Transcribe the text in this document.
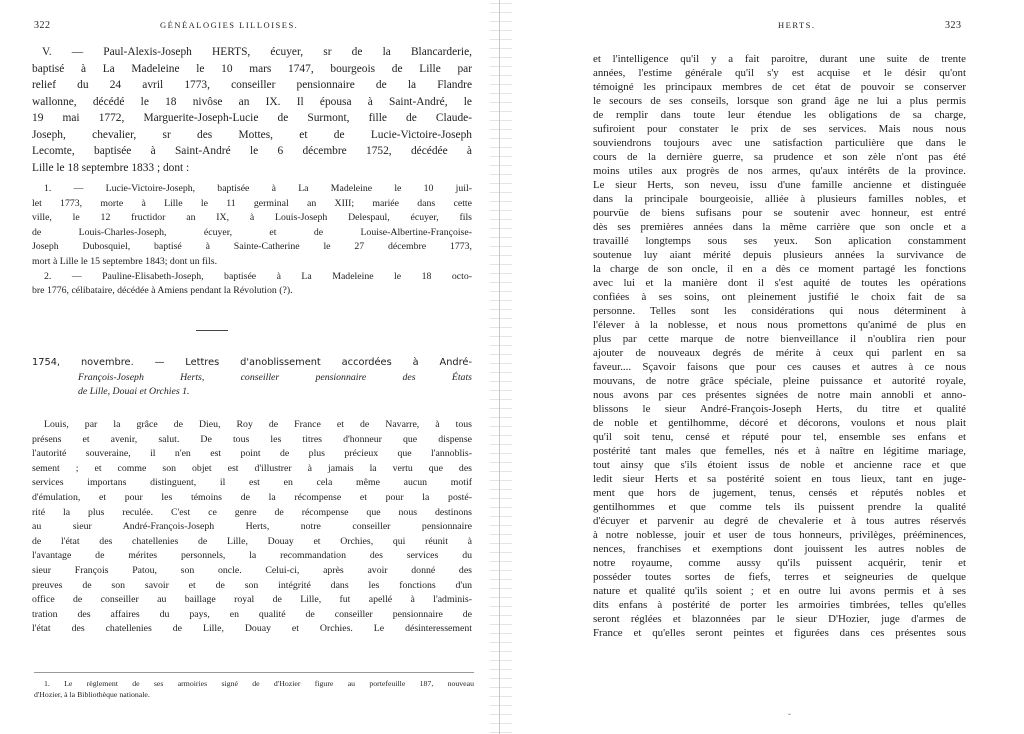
322	GÉNÉALOGIES LILLOISES.
V. — Paul-Alexis-Joseph HERTS, écuyer, sr de la Blancarderie,
baptisé à La Madeleine le 10 mars 1747, bourgeois de Lille par
relief du 24 avril 1773, conseiller pensionnaire de la Flandre
wallonne, décédé le 18 nivôse an IX. Il épousa à Saint-André, le
19 mai 1772, Marguerite-Joseph-Lucie de Surmont, fille de Claude-
Joseph, chevalier, sr des Mottes, et de Lucie-Victoire-Joseph
Lecomte, baptisée à Saint-André le 6 décembre 1752, décédée à
Lille le 18 septembre 1833 ; dont :
1. — Lucie-Victoire-Joseph, baptisée à La Madeleine le 10 juil-
let 1773, morte à Lille le 11 germinal an XIII; mariée dans cette
ville, le 12 fructidor an IX, à Louis-Joseph Delespaul, écuyer, fils
de Louis-Charles-Joseph, écuyer, et de Louise-Albertine-Françoise-
Joseph Dubosquiel, baptisé à Sainte-Catherine le 27 décembre 1773,
mort à Lille le 15 septembre 1843; dont un fils.
2. — Pauline-Elisabeth-Joseph, baptisée à La Madeleine le 18 octo-
bre 1776, célibataire, décédée à Amiens pendant la Révolution (?).
1754, novembre. — Lettres d'anoblissement accordées à André-
François-Joseph Herts, conseiller pensionnaire des États
de Lille, Douai et Orchies 1.
Louis, par la grâce de Dieu, Roy de France et de Navarre, à tous
présens et avenir, salut. De tous les titres d'honneur que dispense
l'autorité souveraine, il n'en est point de plus précieux que l'annoblis-
sement ; et comme son objet est d'illustrer à jamais la vertu que des
services importans distinguent, il est en cela même aucun motif
d'émulation, et pour les témoins de la récompense et pour la posté-
rité la plus reculée. C'est ce genre de récompense que nous destinons
au sieur André-François-Joseph Herts, notre conseiller pensionnaire
de l'état des chatellenies de Lille, Douay et Orchies, qui réunit à
l'avantage de mérites personnels, la recommandation des services du
sieur François Patou, son oncle. Celui-ci, après avoir donné des
preuves de son savoir et de son intégrité dans les fonctions d'un
office de conseiller au baillage royal de Lille, fut apellé à l'adminis-
tration des affaires du pays, en qualité de conseiller pensionnaire de
l'état des chatellenies de Lille, Douay et Orchies. Le désinteressement
1. Le règlement de ses armoiries signé de d'Hozier figure au portefeuille 187, nouveau
d'Hozier, à la Bibliothèque nationale.
HERTS.	323
et l'intelligence qu'il y a fait paroitre, durant une suite de trente
années, l'estime générale qu'il s'y est acquise et le désir qu'ont
témoigné les principaux membres de cet état de pouvoir se conserver
le secours de ses conseils, lorsque son grand âge ne lui a plus permis
de remplir dans toute leur étendue les obligations de sa charge,
sufiroient pour constater le prix de ses services. Mais nous nous
souviendrons toujours avec une satisfaction particulière que dans le
cours de la dernière guerre, sa prudence et son zèle n'ont pas été
moins utiles aux progrès de nos armes, qu'aux intérêts de la province.
Le sieur Herts, son neveu, issu d'une famille ancienne et distinguée
dans la principale bourgeoisie, alliée à plusieurs familles nobles, et
pourvüe de biens sufisans pour se soutenir avec honneur, est entré
dès ses premières années dans la même carrière que son oncle et a
travaillé longtemps sous ses yeux. Son aplication constamment
soutenue luy aiant mérité depuis plusieurs années la survivance de
la charge de son oncle, il en a dès ce moment partagé les fonctions
avec lui et la manière dont il s'est aquité de toutes les opérations
confiées à ses soins, ont pleinement justifié le choix fait de sa
personne. Telles sont les considérations qui nous déterminent à
l'élever à la noblesse, et nous nous promettons qu'animé de plus en
plus par cette marque de notre bienveillance il n'oublira rien pour
ajouter de nouveaux degrés de mérite à ceux qui parlent en sa
faveur.... Sçavoir faisons que pour ces causes et autres à ce nous
mouvans, de notre grâce spéciale, pleine puissance et autorité royale,
nous avons par ces présentes signées de notre main annobli et anno-
blissons le sieur André-François-Joseph Herts, du titre et qualité
de noble et gentilhomme, décoré et décorons, voulons et nous plait
qu'il soit tenu, censé et réputé pour tel, ensemble ses enfans et
postérité tant males que femelles, nés et à naître en légitime mariage,
tout ainsy que s'ils étoient issus de noble et ancienne race et que
ledit sieur Herts et sa postérité soient en tous lieux, tant en juge-
ment que hors de jugement, tenus, censés et réputés nobles et
gentilhommes et que comme tels ils puissent prendre la qualité
d'écuyer et parvenir au degré de chevalerie et à tous autres réservés
à notre noblesse, jouir et user de tous honneurs, privilèges, prééminences,
nences, franchises et exemptions dont jouissent les autres nobles de
notre royaume, comme aussy qu'ils puissent acquérir, tenir et
posséder toutes sortes de fiefs, terres et seigneuries de quelque
nature et qualité qu'ils soient ; et en outre lui avons permis et à ses
dits enfans à postérité de porter les armoiries timbrées, telles qu'elles
seront réglées et blazonnées par le sieur D'Hozier, juge d'armes de
France et qu'elles seront peintes et figurées dans ces présentes sous
ˇ
